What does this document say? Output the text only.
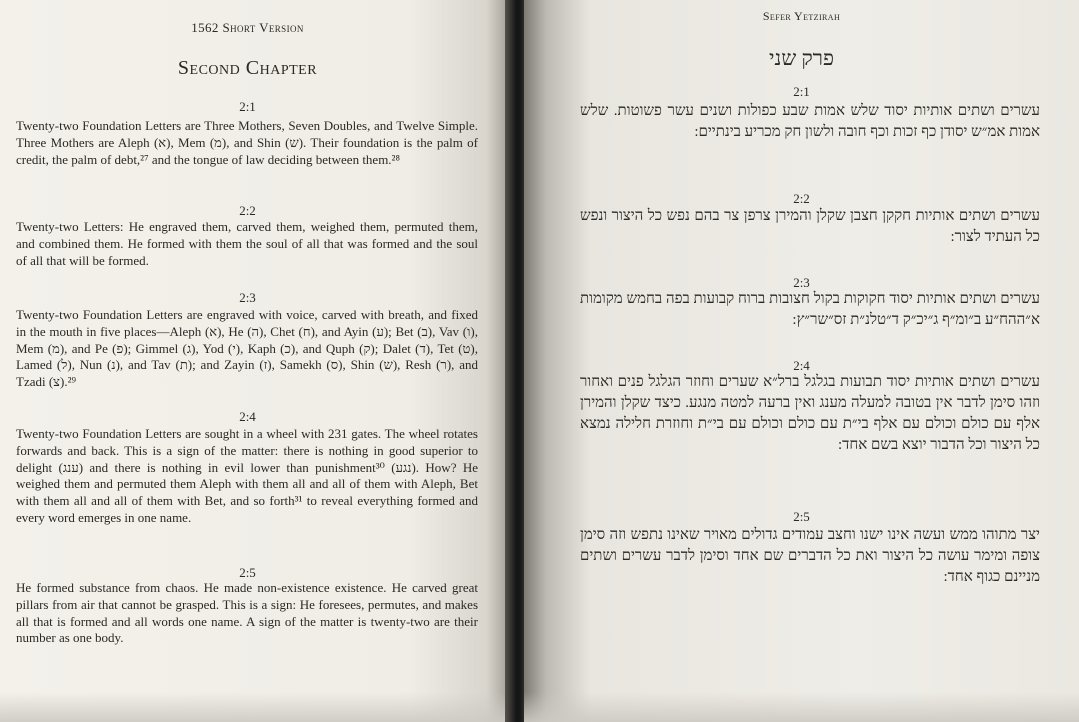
1562 Short Version
Second Chapter
2:1

Twenty-two Foundation Letters are Three Mothers, Seven Doubles, and Twelve Simple. Three Mothers are Aleph (א), Mem (מ), and Shin (ש). Their foundation is the palm of credit, the palm of debt,²⁷ and the tongue of law deciding between them.²⁸

2:2

Twenty-two Letters: He engraved them, carved them, weighed them, permuted them, and combined them. He formed with them the soul of all that was formed and the soul of all that will be formed.

2:3

Twenty-two Foundation Letters are engraved with voice, carved with breath, and fixed in the mouth in five places—Aleph (א), He (ה), Chet (ח), and Ayin (ע); Bet (ב), Vav (ו), Mem (מ), and Pe (פ); Gimmel (ג), Yod (י), Kaph (כ), and Quph (ק); Dalet (ד), Tet (ט), Lamed (ל), Nun (נ), and Tav (ת); and Zayin (ז), Samekh (ס), Shin (ש), Resh (ר), and Tzadi (צ).²⁹

2:4

Twenty-two Foundation Letters are sought in a wheel with 231 gates. The wheel rotates forwards and back. This is a sign of the matter: there is nothing in good superior to delight (ענג) and there is nothing in evil lower than punishment³⁰ (נגע). How? He weighed them and permuted them Aleph with them all and all of them with Aleph, Bet with them all and all of them with Bet, and so forth³¹ to reveal everything formed and every word emerges in one name.

2:5

He formed substance from chaos. He made non-existence existence. He carved great pillars from air that cannot be grasped. This is a sign: He foresees, permutes, and makes all that is formed and all words one name. A sign of the matter is twenty-two are their number as one body.

Sefer Yetzirah
פרק שני
2:1

עשרים ושתים אותיות יסוד שלש אמות שבע כפולות ושנים עשר פשוטות. שלש אמות אמ״ש יסודן כף זכות וכף חובה ולשון חק מכריע בינתיים:

2:2

עשרים ושתים אותיות חקקן חצבן שקלן והמירן צרפן צר בהם נפש כל היצור ונפש כל העתיד לצור:

2:3

עשרים ושתים אותיות יסוד חקוקות בקול חצובות ברוח קבועות בפה בחמש מקומות א״ההח״ע ב״ומ״ף ג״יכ״ק ד״טלנ״ת זס״שר״ץ:

2:4

עשרים ושתים אותיות יסוד תבועות בגלגל ברל״א שערים וחוזר הגלגל פנים ואחור וזהו סימן לדבר אין בטובה למעלה מענג ואין ברעה למטה מנגע. כיצד שקלן והמירן אלף עם כולם וכולם עם אלף בי״ת עם כולם וכולם עם בי״ת וחוזרת חלילה נמצא כל היצור וכל הדבור יוצא בשם אחד:

2:5

יצר מתוהו ממש ועשה אינו ישנו וחצב עמודים גדולים מאויר שאינו נתפש וזה סימן צופה ומימר עושה כל היצור ואת כל הדברים שם אחד וסימן לדבר עשרים ושתים מניינם כגוף אחד:
